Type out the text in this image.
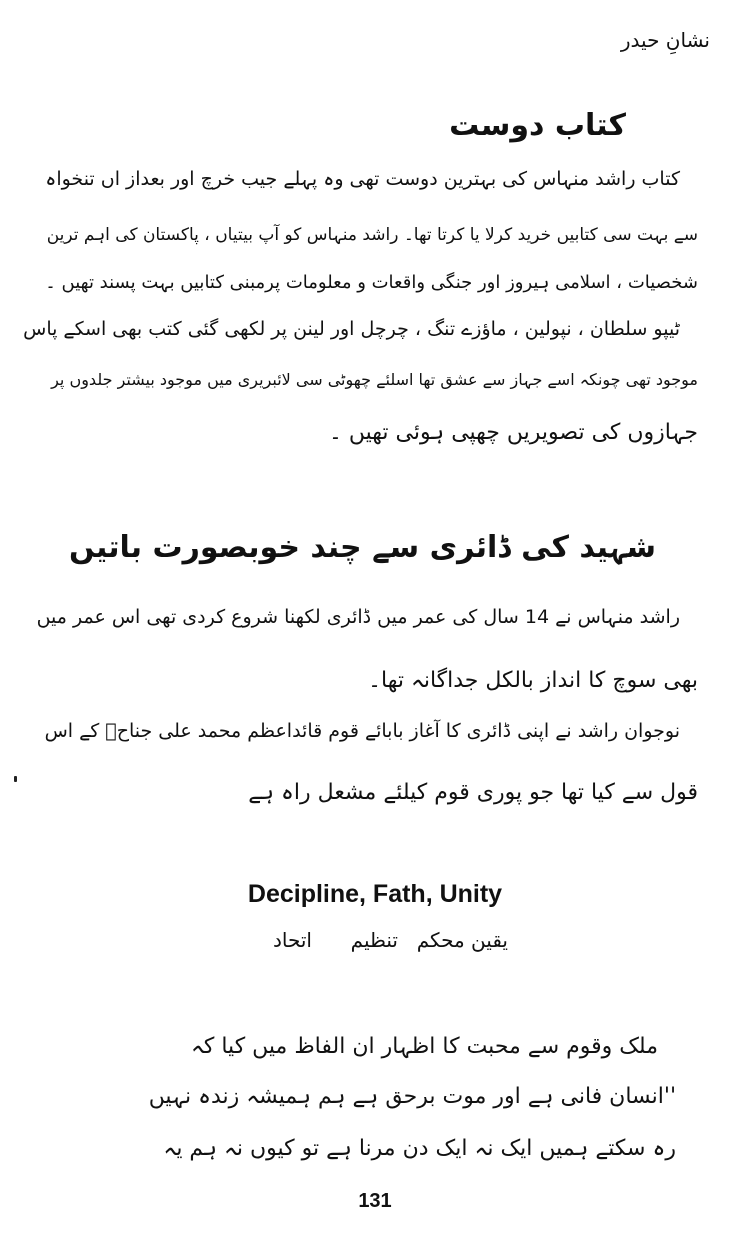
نشانِ حیدر
کتاب دوست
کتاب راشد منہاس کی بہترین دوست تھی وہ پہلے جیب خرچ اور بعداز اں تنخواہ
سے بہت سی کتابیں خرید کرلا یا کرتا تھا۔ راشد منہاس کو آپ بیتیاں ، پاکستان کی اہم ترین
شخصیات ، اسلامی ہیروز اور جنگی واقعات و معلومات پرمبنی کتابیں بہت پسند تھیں ۔
ٹیپو سلطان ، نپولین ، ماؤزے تنگ ، چرچل اور لینن پر لکھی گئی کتب بھی اسکے پاس
موجود تھی چونکہ اسے جہاز سے عشق تھا اسلئے چھوٹی سی لائبریری میں موجود بیشتر جلدوں پر
جہازوں کی تصویریں چھپی ہوئی تھیں ۔
شہید کی ڈائری سے چند خوبصورت باتیں
راشد منہاس نے 14 سال کی عمر میں ڈائری لکھنا شروع کردی تھی اس عمر میں
بھی سوچ کا انداز بالکل جداگانہ تھا۔
نوجوان راشد نے اپنی ڈائری کا آغاز بابائے قوم قائداعظم محمد علی جناحؒ کے اس
قول سے کیا تھا جو پوری قوم کیلئے مشعل راہ ہے
Decipline, Fath, Unity
یقین محکم
تنظیم
اتحاد
ملک وقوم سے محبت کا اظہار ان الفاظ میں کیا کہ
''انسان فانی ہے اور موت برحق ہے ہم ہمیشہ زندہ نہیں
رہ سکتے ہمیں ایک نہ ایک دن مرنا ہے تو کیوں نہ ہم یہ
131
